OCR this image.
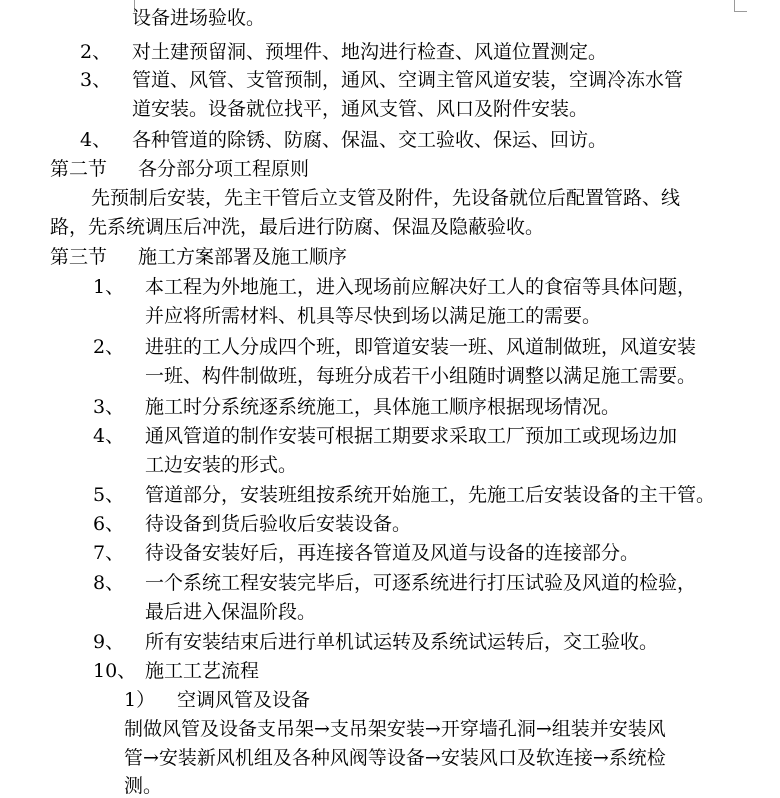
设备进场验收。
2、 对土建预留洞、预埋件、地沟进行检查、风道位置测定。
3、 管道、风管、支管预制，通风、空调主管风道安装，空调冷冻水管
道安装。设备就位找平，通风支管、风口及附件安装。
4、 各种管道的除锈、防腐、保温、交工验收、保运、回访。
第二节 各分部分项工程原则
先预制后安装，先主干管后立支管及附件，先设备就位后配置管路、线
路，先系统调压后冲洗，最后进行防腐、保温及隐蔽验收。
第三节 施工方案部署及施工顺序
1、 本工程为外地施工，进入现场前应解决好工人的食宿等具体问题，
并应将所需材料、机具等尽快到场以满足施工的需要。
2、 进驻的工人分成四个班，即管道安装一班、风道制做班，风道安装
一班、构件制做班，每班分成若干小组随时调整以满足施工需要。
3、 施工时分系统逐系统施工，具体施工顺序根据现场情况。
4、 通风管道的制作安装可根据工期要求采取工厂预加工或现场边加
工边安装的形式。
5、 管道部分，安装班组按系统开始施工，先施工后安装设备的主干管。
6、 待设备到货后验收后安装设备。
7、 待设备安装好后，再连接各管道及风道与设备的连接部分。
8、 一个系统工程安装完毕后，可逐系统进行打压试验及风道的检验，
最后进入保温阶段。
9、 所有安装结束后进行单机试运转及系统试运转后，交工验收。
10、 施工工艺流程
1） 空调风管及设备
制做风管及设备支吊架→支吊架安装→开穿墙孔洞→组装并安装风
管→安装新风机组及各种风阀等设备→安装风口及软连接→系统检
测。
